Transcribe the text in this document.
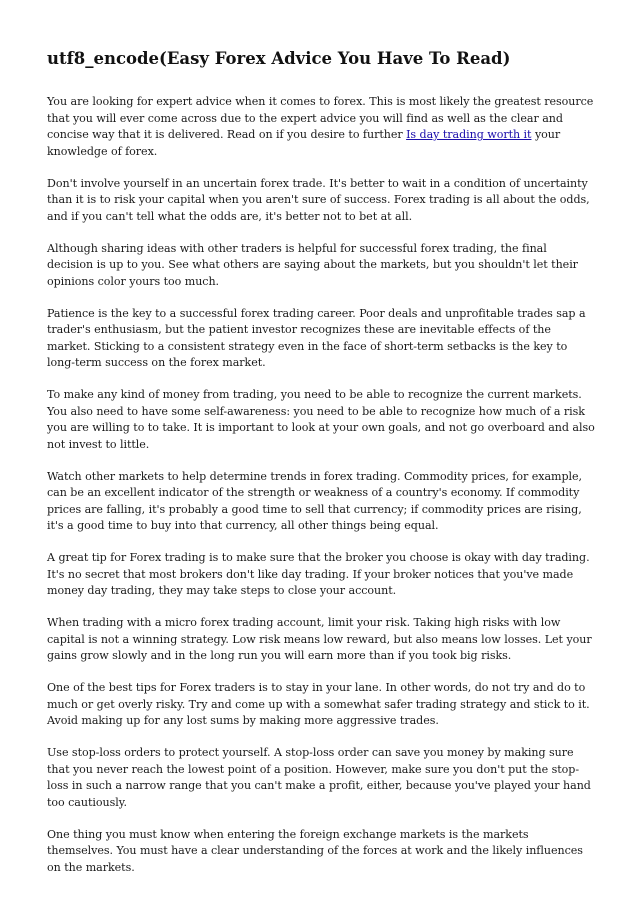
utf8_encode(Easy Forex Advice You Have To Read)

You are looking for expert advice when it comes to forex. This is most likely the greatest resource that you will ever come across due to the expert advice you will find as well as the clear and concise way that it is delivered. Read on if you desire to further Is day trading worth it your knowledge of forex.

Don't involve yourself in an uncertain forex trade. It's better to wait in a condition of uncertainty than it is to risk your capital when you aren't sure of success. Forex trading is all about the odds, and if you can't tell what the odds are, it's better not to bet at all.

Although sharing ideas with other traders is helpful for successful forex trading, the final decision is up to you. See what others are saying about the markets, but you shouldn't let their opinions color yours too much.

Patience is the key to a successful forex trading career. Poor deals and unprofitable trades sap a trader's enthusiasm, but the patient investor recognizes these are inevitable effects of the market. Sticking to a consistent strategy even in the face of short-term setbacks is the key to long-term success on the forex market.

To make any kind of money from trading, you need to be able to recognize the current markets. You also need to have some self-awareness: you need to be able to recognize how much of a risk you are willing to to take. It is important to look at your own goals, and not go overboard and also not invest to little.

Watch other markets to help determine trends in forex trading. Commodity prices, for example, can be an excellent indicator of the strength or weakness of a country's economy. If commodity prices are falling, it's probably a good time to sell that currency; if commodity prices are rising, it's a good time to buy into that currency, all other things being equal.

A great tip for Forex trading is to make sure that the broker you choose is okay with day trading. It's no secret that most brokers don't like day trading. If your broker notices that you've made money day trading, they may take steps to close your account.

When trading with a micro forex trading account, limit your risk. Taking high risks with low capital is not a winning strategy. Low risk means low reward, but also means low losses. Let your gains grow slowly and in the long run you will earn more than if you took big risks.

One of the best tips for Forex traders is to stay in your lane. In other words, do not try and do to much or get overly risky. Try and come up with a somewhat safer trading strategy and stick to it. Avoid making up for any lost sums by making more aggressive trades.

Use stop-loss orders to protect yourself. A stop-loss order can save you money by making sure that you never reach the lowest point of a position. However, make sure you don't put the stop-loss in such a narrow range that you can't make a profit, either, because you've played your hand too cautiously.

One thing you must know when entering the foreign exchange markets is the markets themselves. You must have a clear understanding of the forces at work and the likely influences on the markets.
